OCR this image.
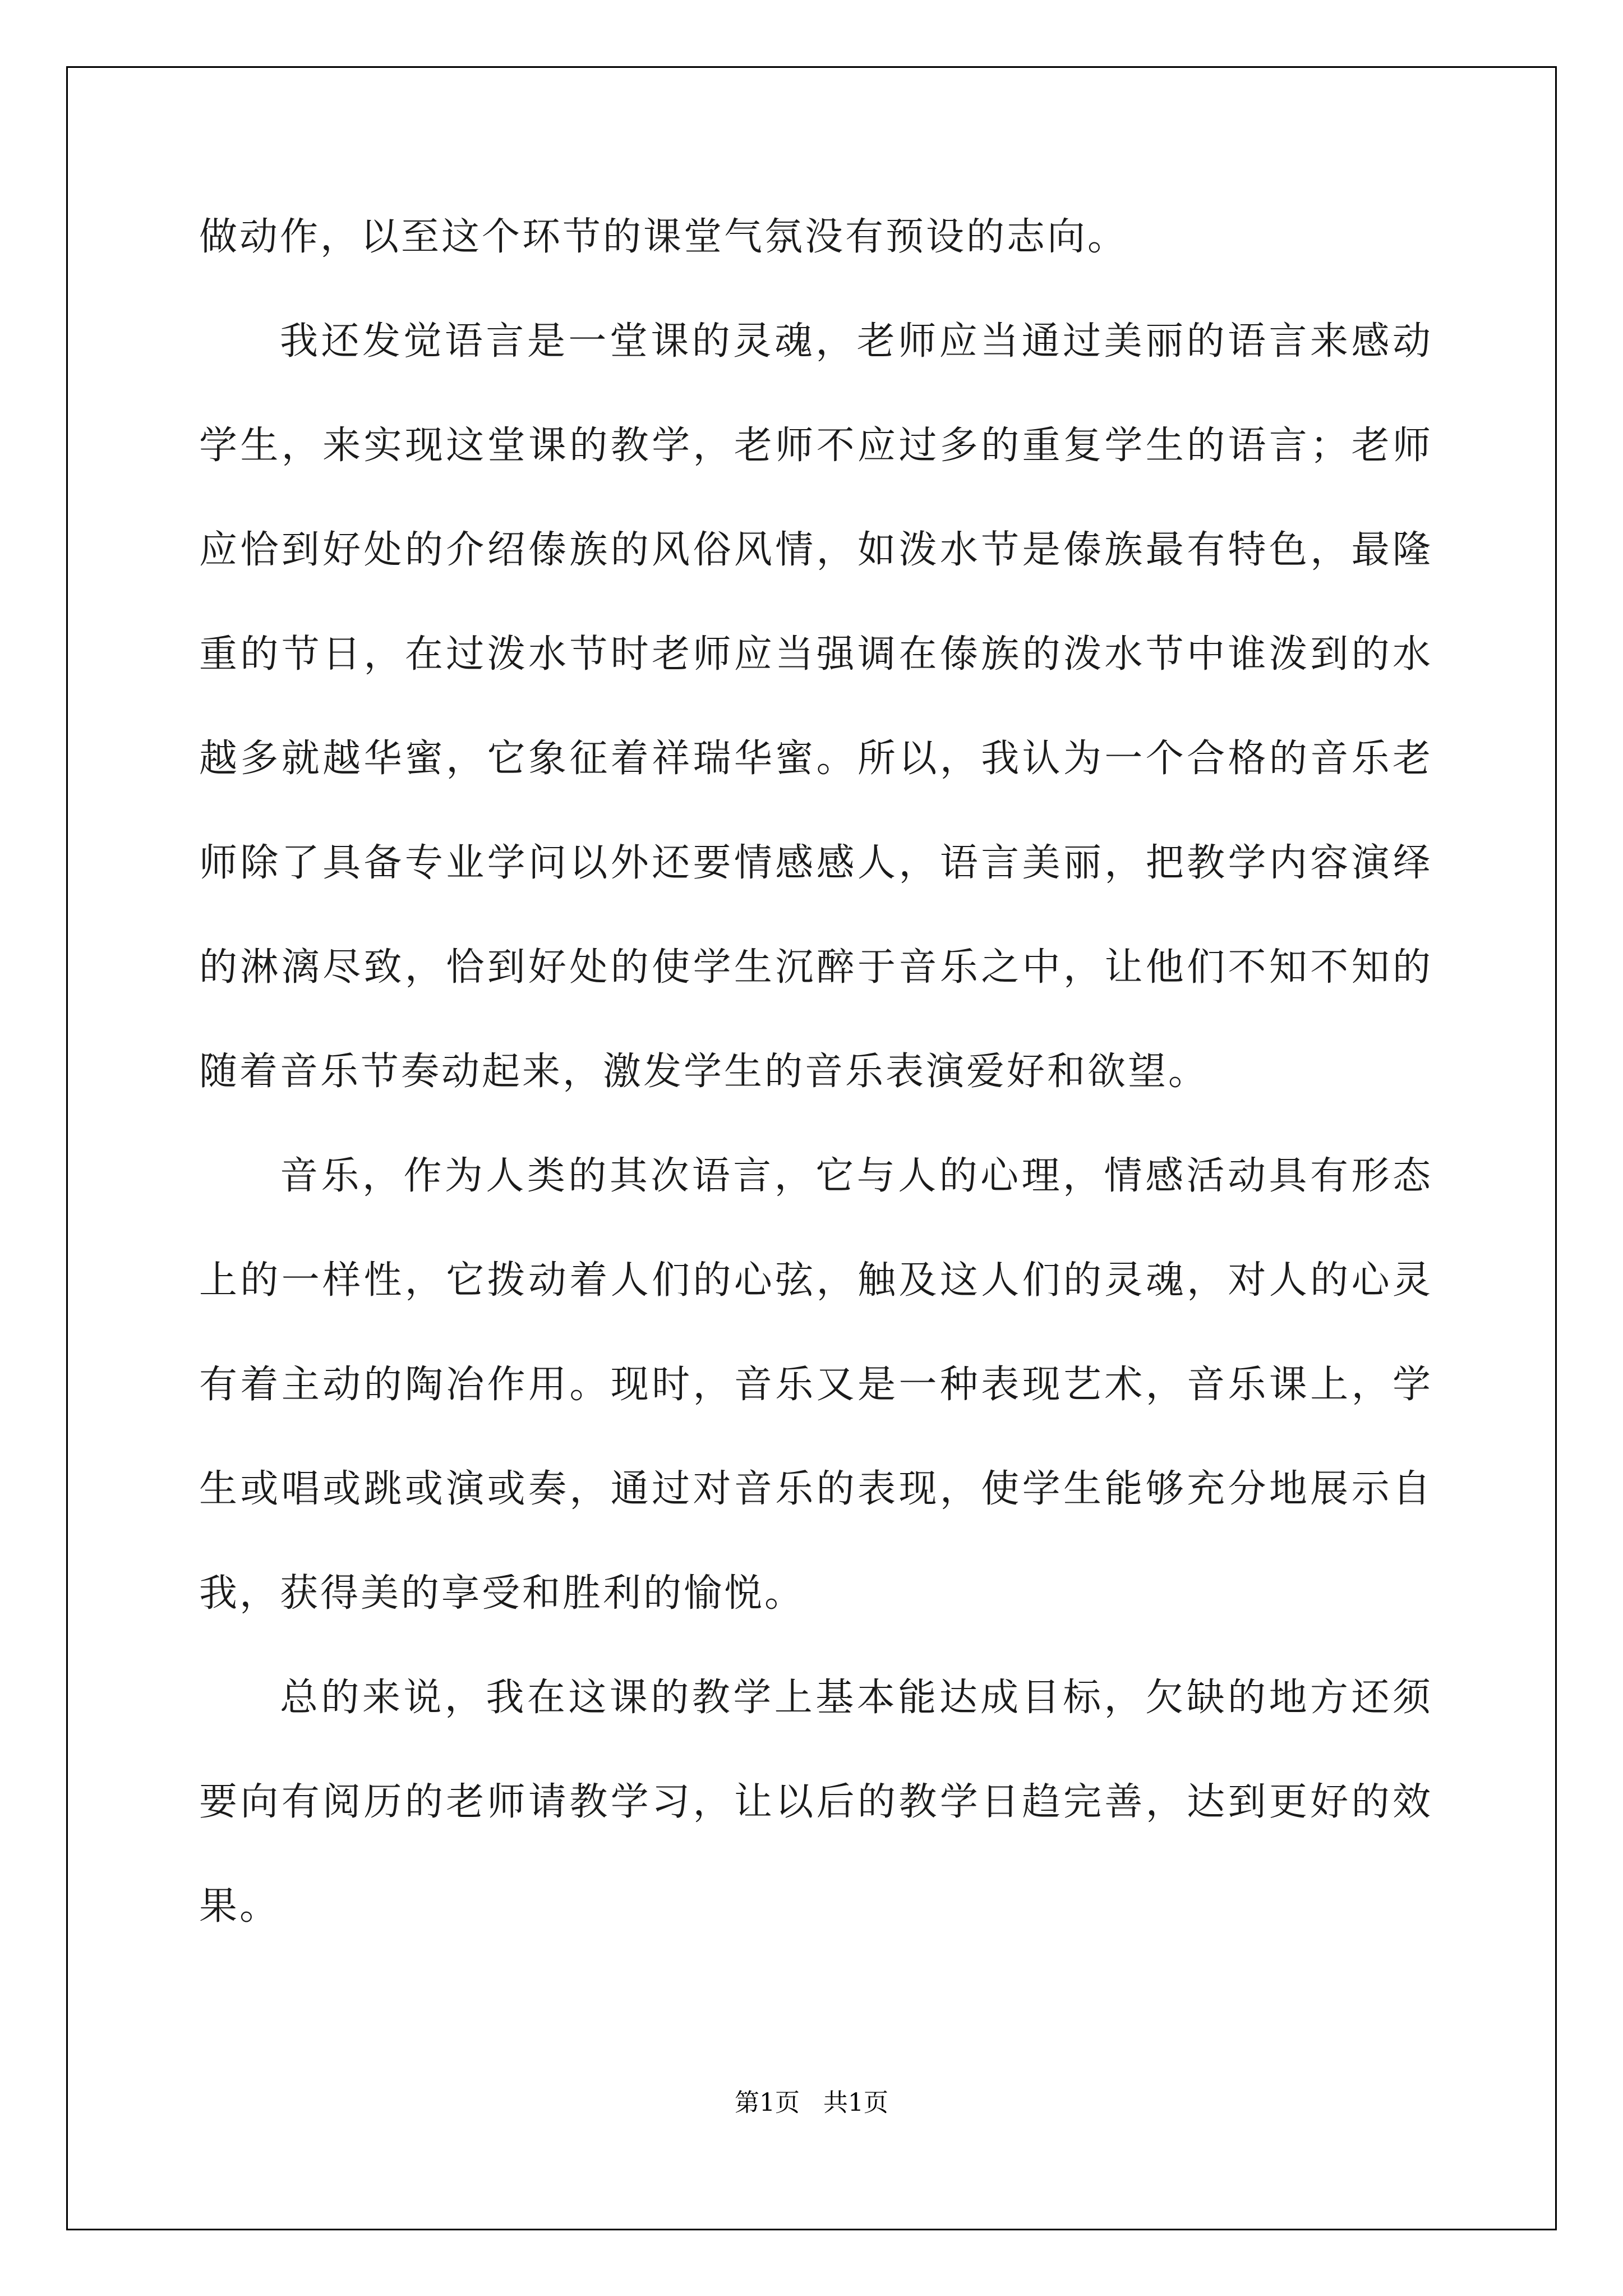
做动作，以至这个环节的课堂气氛没有预设的志向。

我还发觉语言是一堂课的灵魂，老师应当通过美丽的语言来感动学生，来实现这堂课的教学，老师不应过多的重复学生的语言；老师应恰到好处的介绍傣族的风俗风情，如泼水节是傣族最有特色，最隆重的节日，在过泼水节时老师应当强调在傣族的泼水节中谁泼到的水越多就越华蜜，它象征着祥瑞华蜜。所以，我认为一个合格的音乐老师除了具备专业学问以外还要情感感人，语言美丽，把教学内容演绎的淋漓尽致，恰到好处的使学生沉醉于音乐之中，让他们不知不知的随着音乐节奏动起来，激发学生的音乐表演爱好和欲望。

音乐，作为人类的其次语言，它与人的心理，情感活动具有形态上的一样性，它拨动着人们的心弦，触及这人们的灵魂，对人的心灵有着主动的陶冶作用。现时，音乐又是一种表现艺术，音乐课上，学生或唱或跳或演或奏，通过对音乐的表现，使学生能够充分地展示自我，获得美的享受和胜利的愉悦。

总的来说，我在这课的教学上基本能达成目标，欠缺的地方还须要向有阅历的老师请教学习，让以后的教学日趋完善，达到更好的效果。

第1页 共1页
